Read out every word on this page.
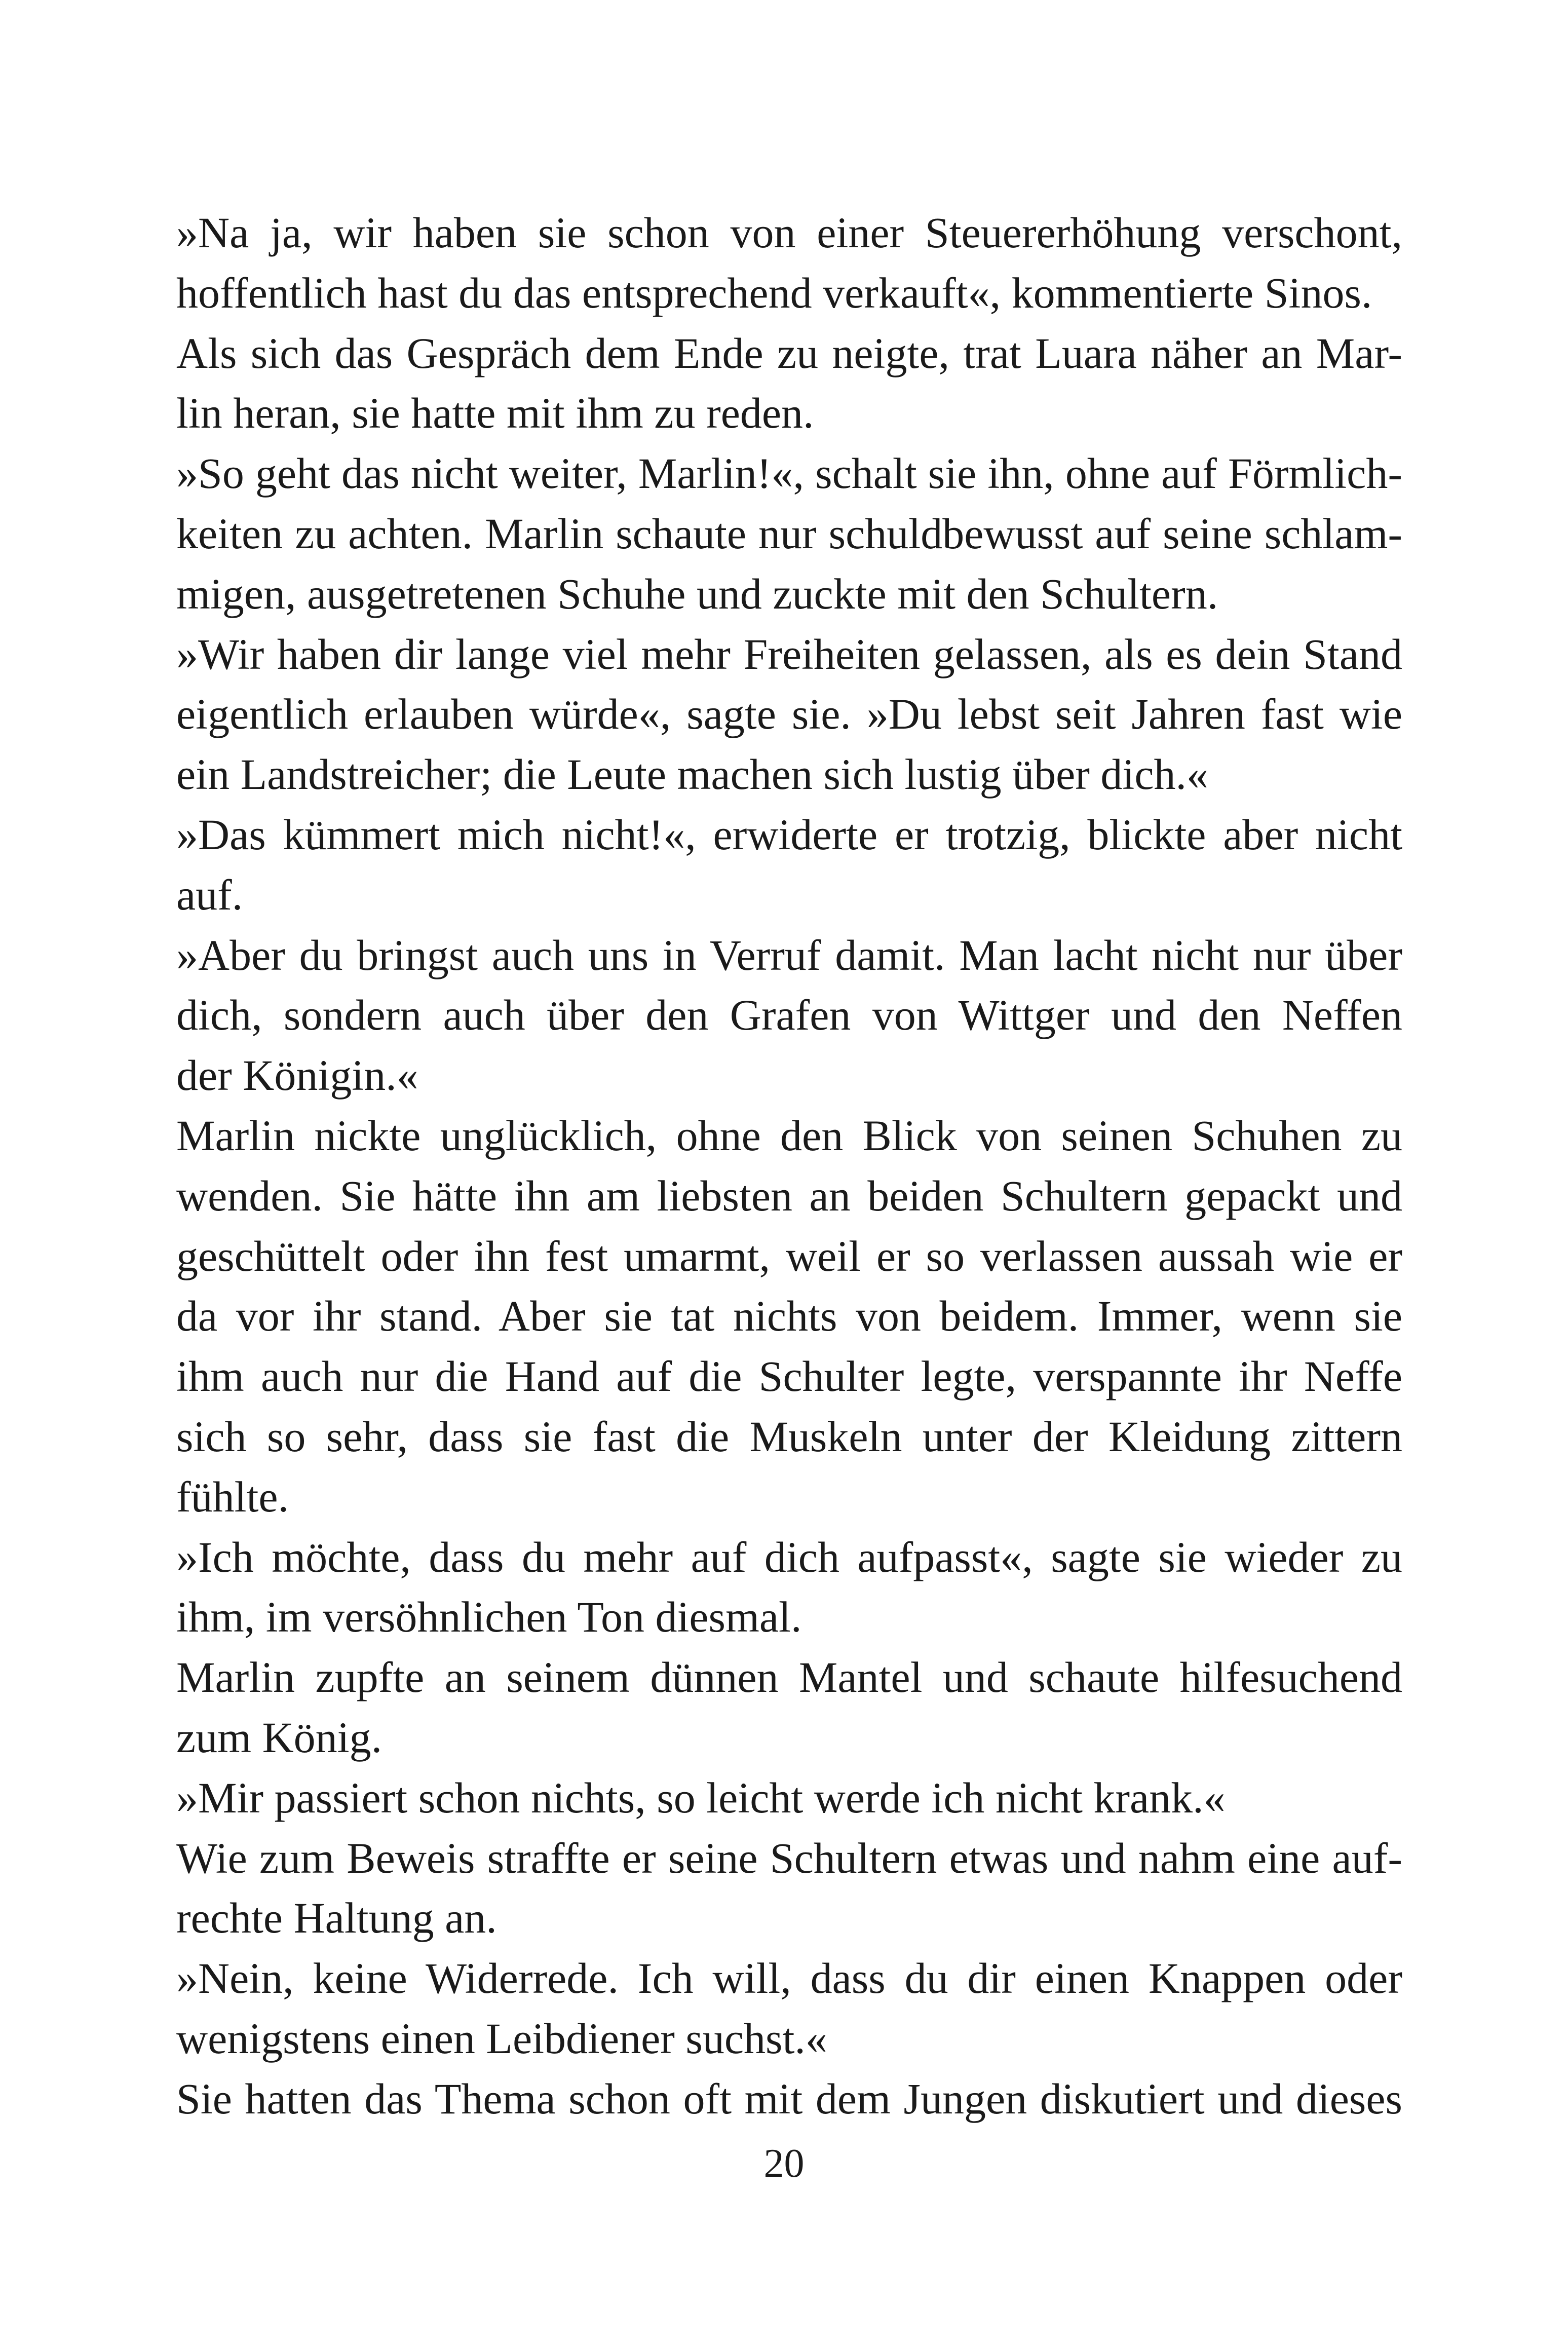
»Na ja, wir haben sie schon von einer Steuererhöhung verschont,
hoffentlich hast du das entsprechend verkauft«, kommentierte Sinos.
Als sich das Gespräch dem Ende zu neigte, trat Luara näher an Mar-
lin heran, sie hatte mit ihm zu reden.
»So geht das nicht weiter, Marlin!«, schalt sie ihn, ohne auf Förmlich-
keiten zu achten. Marlin schaute nur schuldbewusst auf seine schlam-
migen, ausgetretenen Schuhe und zuckte mit den Schultern.
»Wir haben dir lange viel mehr Freiheiten gelassen, als es dein Stand
eigentlich erlauben würde«, sagte sie. »Du lebst seit Jahren fast wie
ein Landstreicher; die Leute machen sich lustig über dich.«
»Das kümmert mich nicht!«, erwiderte er trotzig, blickte aber nicht
auf.
»Aber du bringst auch uns in Verruf damit. Man lacht nicht nur über
dich, sondern auch über den Grafen von Wittger und den Neffen
der Königin.«
Marlin nickte unglücklich, ohne den Blick von seinen Schuhen zu
wenden. Sie hätte ihn am liebsten an beiden Schultern gepackt und
geschüttelt oder ihn fest umarmt, weil er so verlassen aussah wie er
da vor ihr stand. Aber sie tat nichts von beidem. Immer, wenn sie
ihm auch nur die Hand auf die Schulter legte, verspannte ihr Neffe
sich so sehr, dass sie fast die Muskeln unter der Kleidung zittern
fühlte.
»Ich möchte, dass du mehr auf dich aufpasst«, sagte sie wieder zu
ihm, im versöhnlichen Ton diesmal.
Marlin zupfte an seinem dünnen Mantel und schaute hilfesuchend
zum König.
»Mir passiert schon nichts, so leicht werde ich nicht krank.«
Wie zum Beweis straffte er seine Schultern etwas und nahm eine auf-
rechte Haltung an.
»Nein, keine Widerrede. Ich will, dass du dir einen Knappen oder
wenigstens einen Leibdiener suchst.«
Sie hatten das Thema schon oft mit dem Jungen diskutiert und dieses
20
